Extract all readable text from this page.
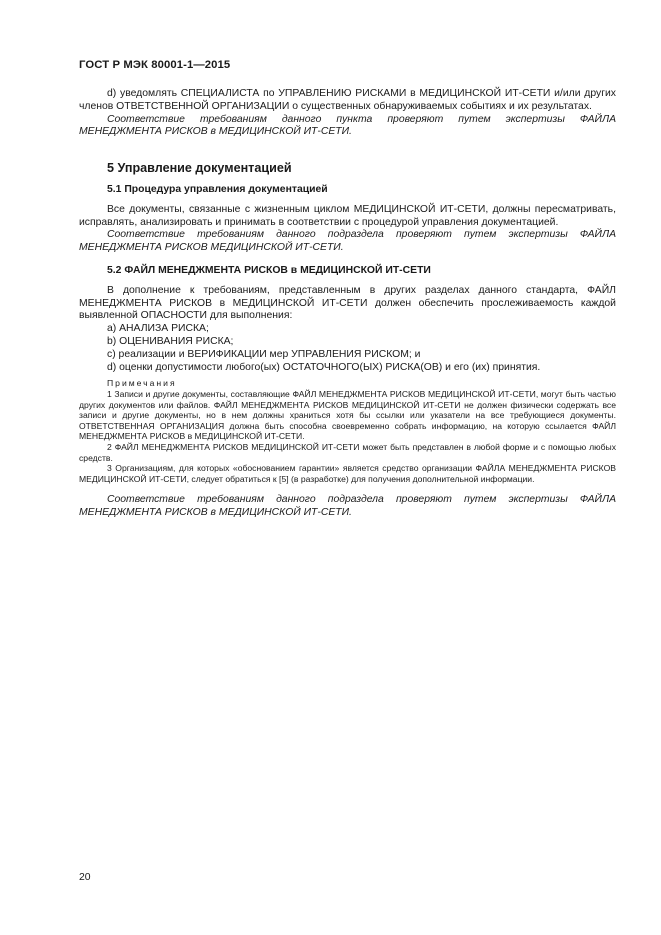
ГОСТ Р МЭК 80001-1—2015

d) уведомлять СПЕЦИАЛИСТА по УПРАВЛЕНИЮ РИСКАМИ в МЕДИЦИНСКОЙ ИТ-СЕТИ и/или других членов ОТВЕТСТВЕННОЙ ОРГАНИЗАЦИИ о существенных обнаруживаемых событиях и их результатах.

Соответствие требованиям данного пункта проверяют путем экспертизы ФАЙЛА МЕНЕДЖМЕНТА РИСКОВ в МЕДИЦИНСКОЙ ИТ-СЕТИ.

5 Управление документацией
5.1 Процедура управления документацией

Все документы, связанные с жизненным циклом МЕДИЦИНСКОЙ ИТ-СЕТИ, должны пересматривать, исправлять, анализировать и принимать в соответствии с процедурой управления документацией.

Соответствие требованиям данного подраздела проверяют путем экспертизы ФАЙЛА МЕНЕДЖМЕНТА РИСКОВ МЕДИЦИНСКОЙ ИТ-СЕТИ.

5.2 ФАЙЛ МЕНЕДЖМЕНТА РИСКОВ в МЕДИЦИНСКОЙ ИТ-СЕТИ

В дополнение к требованиям, представленным в других разделах данного стандарта, ФАЙЛ МЕНЕДЖМЕНТА РИСКОВ в МЕДИЦИНСКОЙ ИТ-СЕТИ должен обеспечить прослеживаемость каждой выявленной ОПАСНОСТИ для выполнения:

a) АНАЛИЗА РИСКА;

b) ОЦЕНИВАНИЯ РИСКА;

c) реализации и ВЕРИФИКАЦИИ мер УПРАВЛЕНИЯ РИСКОМ; и

d) оценки допустимости любого(ых) ОСТАТОЧНОГО(ЫХ) РИСКА(ОВ) и его (их) принятия.

Примечания

1 Записи и другие документы, составляющие ФАЙЛ МЕНЕДЖМЕНТА РИСКОВ МЕДИЦИНСКОЙ ИТ-СЕТИ, могут быть частью других документов или файлов. ФАЙЛ МЕНЕДЖМЕНТА РИСКОВ МЕДИЦИНСКОЙ ИТ-СЕТИ не должен физически содержать все записи и другие документы, но в нем должны храниться хотя бы ссылки или указатели на все требующиеся документы. ОТВЕТСТВЕННАЯ ОРГАНИЗАЦИЯ должна быть способна своевременно собрать информацию, на которую ссылается ФАЙЛ МЕНЕДЖМЕНТА РИСКОВ в МЕДИЦИНСКОЙ ИТ-СЕТИ.

2 ФАЙЛ МЕНЕДЖМЕНТА РИСКОВ МЕДИЦИНСКОЙ ИТ-СЕТИ может быть представлен в любой форме и с помощью любых средств.

3 Организациям, для которых «обоснованием гарантии» является средство организации ФАЙЛА МЕНЕДЖМЕНТА РИСКОВ МЕДИЦИНСКОЙ ИТ-СЕТИ, следует обратиться к [5] (в разработке) для получения дополнительной информации.

Соответствие требованиям данного подраздела проверяют путем экспертизы ФАЙЛА МЕНЕДЖМЕНТА РИСКОВ в МЕДИЦИНСКОЙ ИТ-СЕТИ.

20
